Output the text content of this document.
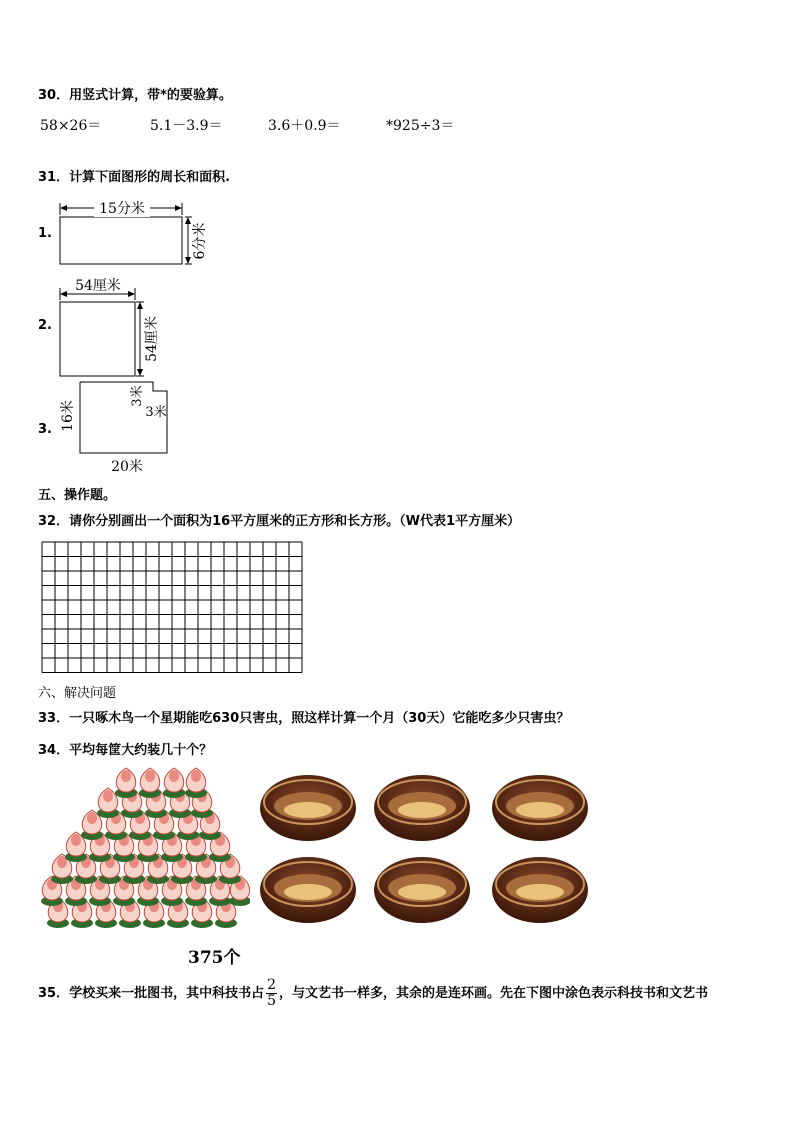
30．用竖式计算，带*的要验算。
58×26＝	5.1－3.9＝	3.6＋0.9＝	*925÷3＝
31．计算下面图形的周长和面积.
1.
15分米
6分米
2.
54厘米
54厘米
3. 16米
3米
3米
20米
五、操作题。
32．请你分别画出一个面积为16平方厘米的正方形和长方形。（W代表1平方厘米）
六、解决问题
33．一只啄木鸟一个星期能吃630只害虫，照这样计算一个月（30天）它能吃多少只害虫？
34．平均每筐大约装几十个？
375个
35．学校买来一批图书，其中科技书占 $\frac{2}{5}$ ，与文艺书一样多，其余的是连环画。先在下图中涂色表示科技书和文艺书
